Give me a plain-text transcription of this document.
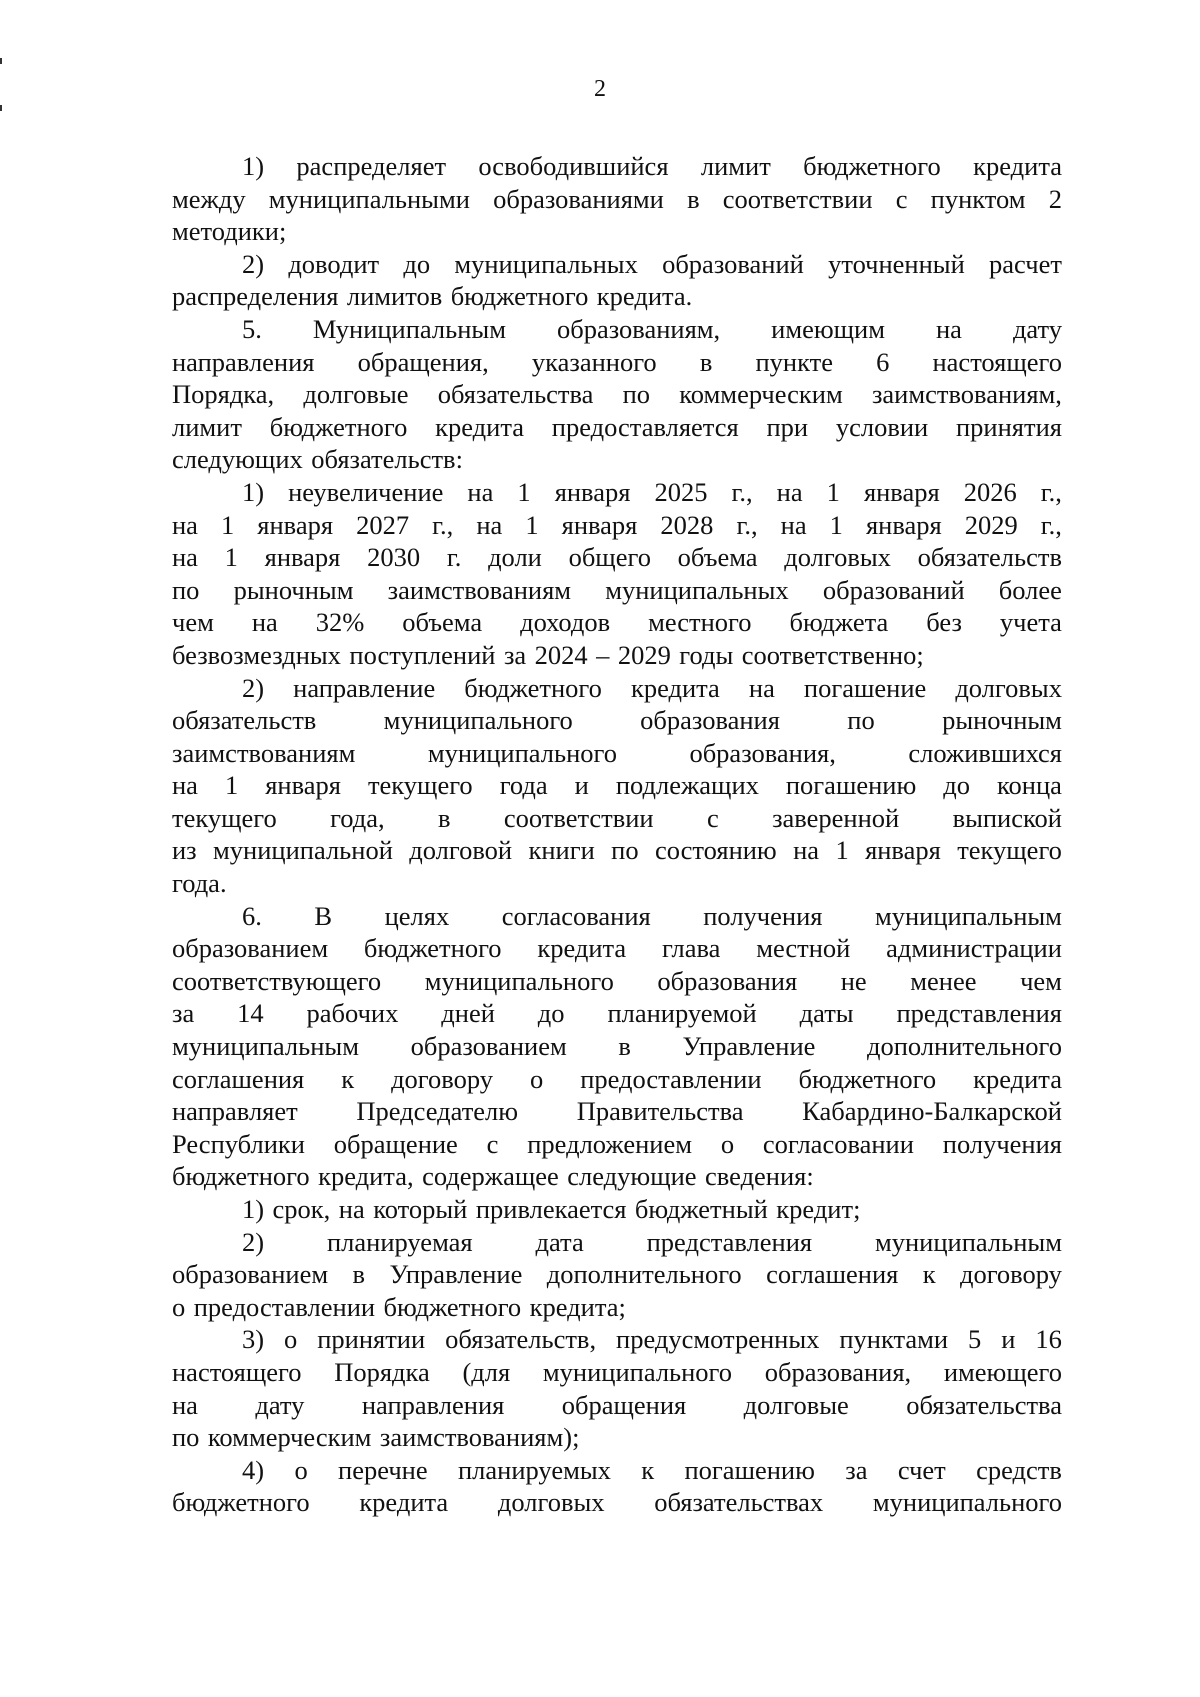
2
1) распределяет освободившийся лимит бюджетного кредита
между муниципальными образованиями в соответствии с пунктом 2
методики;
2) доводит до муниципальных образований уточненный расчет
распределения лимитов бюджетного кредита.
5. Муниципальным образованиям, имеющим на дату
направления обращения, указанного в пункте 6 настоящего
Порядка, долговые обязательства по коммерческим заимствованиям,
лимит бюджетного кредита предоставляется при условии принятия
следующих обязательств:
1) неувеличение на 1 января 2025 г., на 1 января 2026 г.,
на 1 января 2027 г., на 1 января 2028 г., на 1 января 2029 г.,
на 1 января 2030 г. доли общего объема долговых обязательств
по рыночным заимствованиям муниципальных образований более
чем на 32% объема доходов местного бюджета без учета
безвозмездных поступлений за 2024 – 2029 годы соответственно;
2) направление бюджетного кредита на погашение долговых
обязательств	муниципального	образования	по	рыночным
заимствованиям	муниципального	образования,	сложившихся
на 1 января текущего года и подлежащих погашению до конца
текущего года, в соответствии с заверенной выпиской
из муниципальной долговой книги по состоянию на 1 января текущего
года.
6. В целях согласования получения муниципальным
образованием бюджетного кредита глава местной администрации
соответствующего муниципального образования не менее чем
за 14 рабочих дней до планируемой даты представления
муниципальным образованием в Управление дополнительного
соглашения к договору о предоставлении бюджетного кредита
направляет Председателю Правительства Кабардино-Балкарской
Республики обращение с предложением о согласовании получения
бюджетного кредита, содержащее следующие сведения:
1) срок, на который привлекается бюджетный кредит;
2) планируемая дата представления муниципальным
образованием в Управление дополнительного соглашения к договору
о предоставлении бюджетного кредита;
3) о принятии обязательств, предусмотренных пунктами 5 и 16
настоящего Порядка (для муниципального образования, имеющего
на дату направления обращения долговые обязательства
по коммерческим заимствованиям);
4) о перечне планируемых к погашению за счет средств
бюджетного кредита долговых обязательствах муниципального
